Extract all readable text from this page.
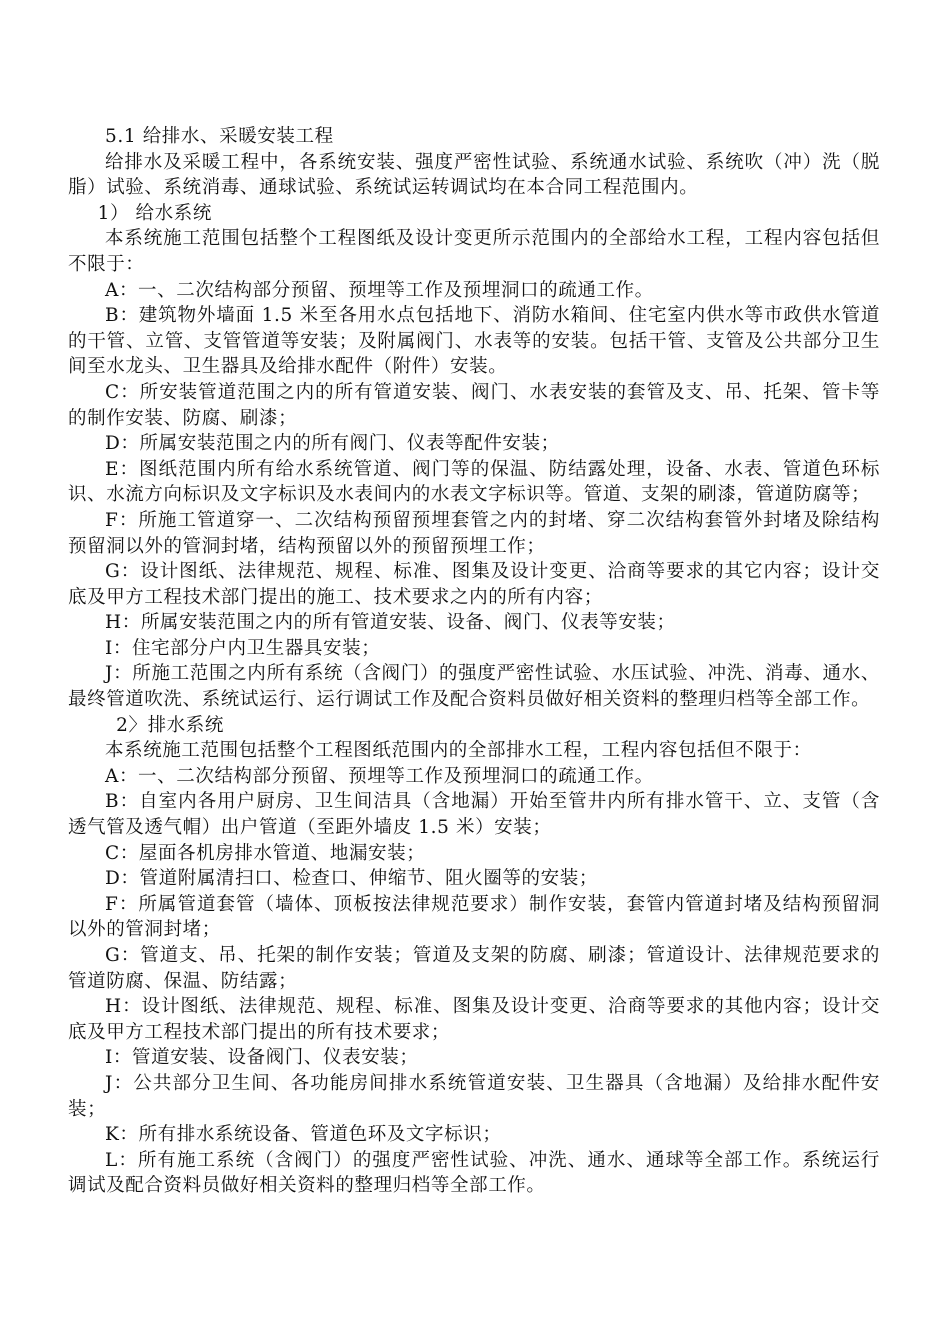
5.1 给排水、采暖安装工程

给排水及采暖工程中，各系统安装、强度严密性试验、系统通水试验、系统吹（冲）洗（脱脂）试验、系统消毒、通球试验、系统试运转调试均在本合同工程范围内。

1） 给水系统

本系统施工范围包括整个工程图纸及设计变更所示范围内的全部给水工程，工程内容包括但不限于：

A：一、二次结构部分预留、预埋等工作及预埋洞口的疏通工作。

B：建筑物外墙面 1.5 米至各用水点包括地下、消防水箱间、住宅室内供水等市政供水管道的干管、立管、支管管道等安装；及附属阀门、水表等的安装。包括干管、支管及公共部分卫生间至水龙头、卫生器具及给排水配件（附件）安装。

C：所安装管道范围之内的所有管道安装、阀门、水表安装的套管及支、吊、托架、管卡等的制作安装、防腐、刷漆；

D：所属安装范围之内的所有阀门、仪表等配件安装；

E：图纸范围内所有给水系统管道、阀门等的保温、防结露处理，设备、水表、管道色环标识、水流方向标识及文字标识及水表间内的水表文字标识等。管道、支架的刷漆，管道防腐等；

F：所施工管道穿一、二次结构预留预埋套管之内的封堵、穿二次结构套管外封堵及除结构预留洞以外的管洞封堵，结构预留以外的预留预埋工作；

G：设计图纸、法律规范、规程、标准、图集及设计变更、洽商等要求的其它内容；设计交底及甲方工程技术部门提出的施工、技术要求之内的所有内容；

H：所属安装范围之内的所有管道安装、设备、阀门、仪表等安装；

I：住宅部分户内卫生器具安装；

J：所施工范围之内所有系统（含阀门）的强度严密性试验、水压试验、冲洗、消毒、通水、最终管道吹洗、系统试运行、运行调试工作及配合资料员做好相关资料的整理归档等全部工作。

2〉排水系统

本系统施工范围包括整个工程图纸范围内的全部排水工程，工程内容包括但不限于：

A：一、二次结构部分预留、预埋等工作及预埋洞口的疏通工作。

B：自室内各用户厨房、卫生间洁具（含地漏）开始至管井内所有排水管干、立、支管（含透气管及透气帽）出户管道（至距外墙皮 1.5 米）安装；

C：屋面各机房排水管道、地漏安装；

D：管道附属清扫口、检查口、伸缩节、阻火圈等的安装；

F：所属管道套管（墙体、顶板按法律规范要求）制作安装，套管内管道封堵及结构预留洞以外的管洞封堵；

G：管道支、吊、托架的制作安装；管道及支架的防腐、刷漆；管道设计、法律规范要求的管道防腐、保温、防结露；

H：设计图纸、法律规范、规程、标准、图集及设计变更、洽商等要求的其他内容；设计交底及甲方工程技术部门提出的所有技术要求；

I：管道安装、设备阀门、仪表安装；

J：公共部分卫生间、各功能房间排水系统管道安装、卫生器具（含地漏）及给排水配件安装；

K：所有排水系统设备、管道色环及文字标识；

L：所有施工系统（含阀门）的强度严密性试验、冲洗、通水、通球等全部工作。系统运行调试及配合资料员做好相关资料的整理归档等全部工作。
